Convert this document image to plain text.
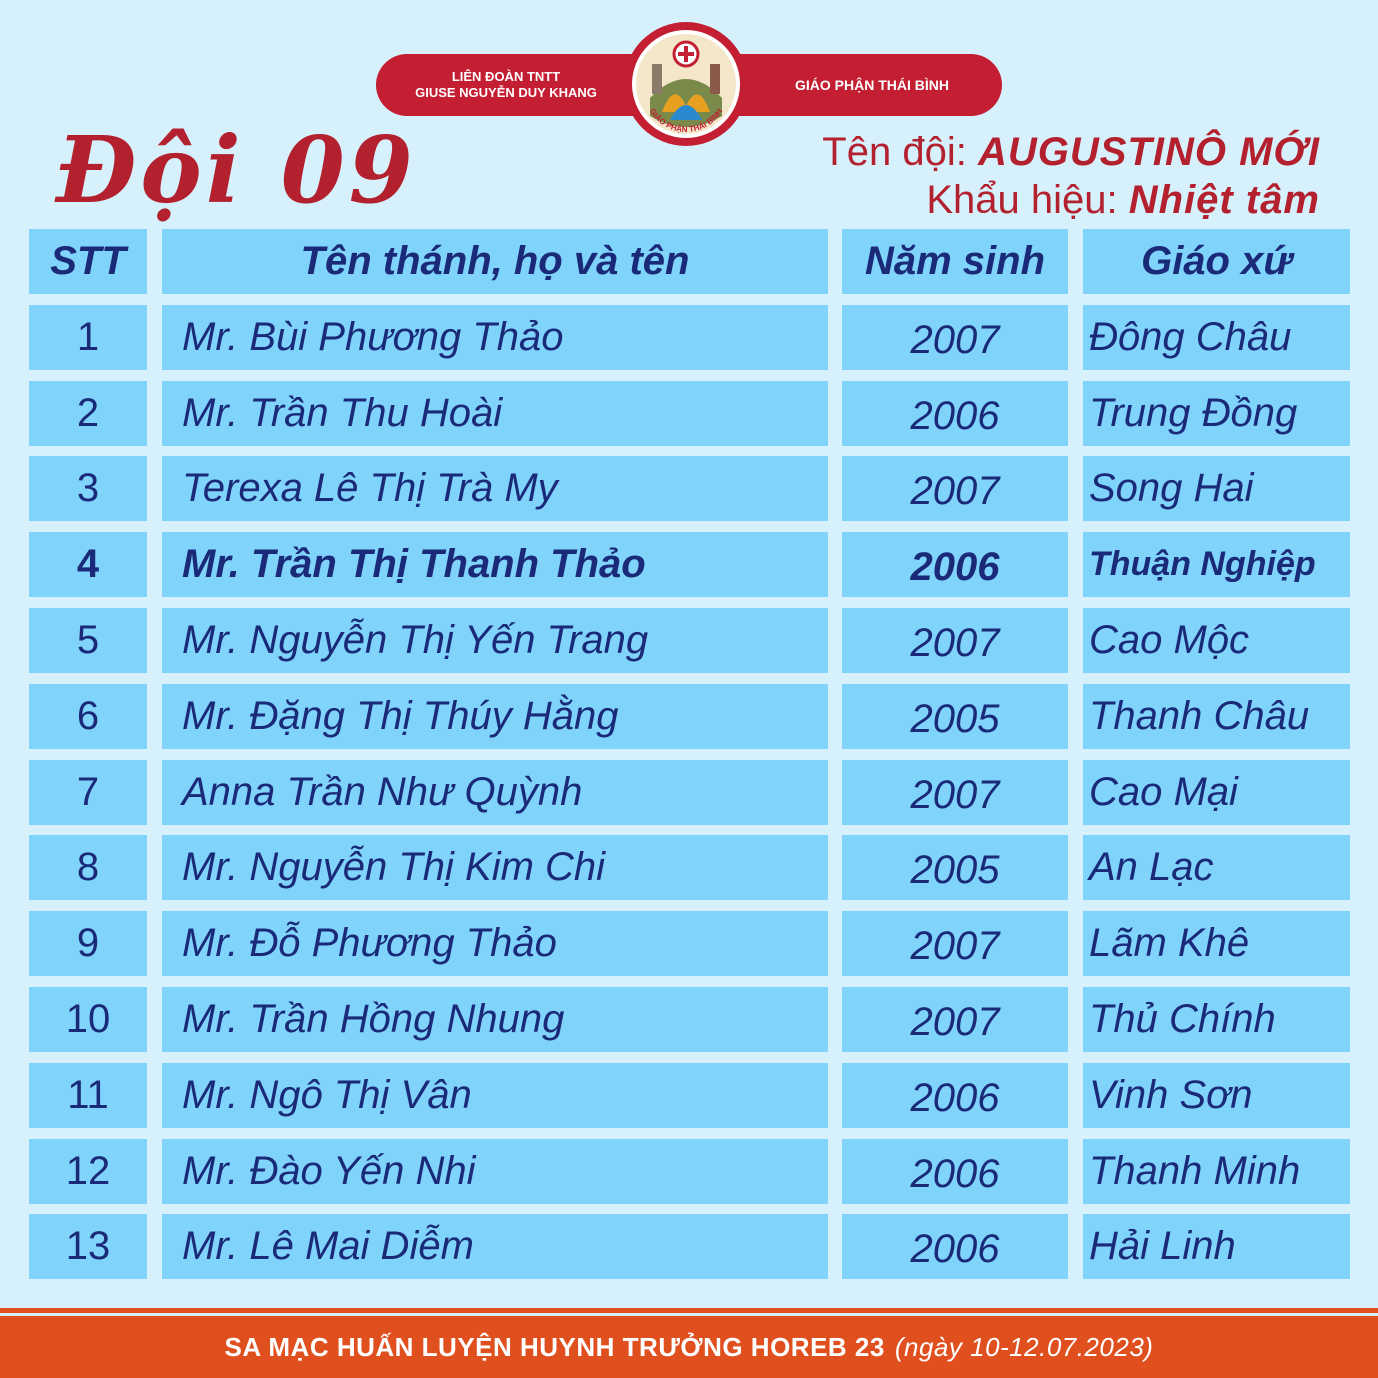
LIÊN ĐOÀN TNTT
GIUSE NGUYỄN DUY KHANG	GIÁO PHẬN THÁI BÌNH
GIÁO PHẬN THÁI BÌNH
Đội 09	Tên đội: AUGUSTINÔ MỚI
Khẩu hiệu: Nhiệt tâm
STT	Tên thánh, họ và tên	Năm sinh	Giáo xứ
1	Mr. Bùi Phương Thảo	2007	Đông Châu
2	Mr. Trần Thu Hoài	2006	Trung Đồng
3	Terexa Lê Thị Trà My	2007	Song Hai
4	Mr. Trần Thị Thanh Thảo	2006	Thuận Nghiệp
5	Mr. Nguyễn Thị Yến Trang	2007	Cao Mộc
6	Mr. Đặng Thị Thúy Hằng	2005	Thanh Châu
7	Anna Trần Như Quỳnh	2007	Cao Mại
8	Mr. Nguyễn Thị Kim Chi	2005	An Lạc
9	Mr. Đỗ Phương Thảo	2007	Lãm Khê
10	Mr. Trần Hồng Nhung	2007	Thủ Chính
11	Mr. Ngô Thị Vân	2006	Vinh Sơn
12	Mr. Đào Yến Nhi	2006	Thanh Minh
13	Mr. Lê Mai Diễm	2006	Hải Linh
SA MẠC HUẤN LUYỆN HUYNH TRƯỞNG HOREB 23 (ngày 10-12.07.2023)
